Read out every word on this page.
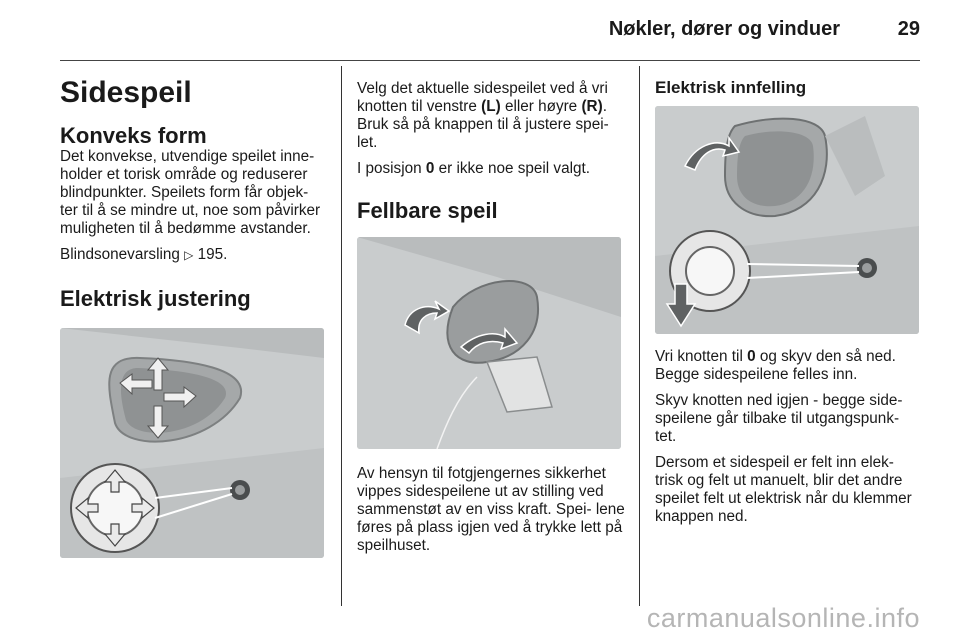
Nøkler, dører og vinduer	29
Sidespeil
Konveks form

Det konvekse, utvendige speilet inne- holder et torisk område og reduserer blindpunkter. Speilets form får objek- ter til å se mindre ut, noe som påvirker muligheten til å bedømme avstander.

Blindsonevarsling ▷ 195.

Elektrisk justering

Velg det aktuelle sidespeilet ved å vri knotten til venstre (L) eller høyre (R). Bruk så på knappen til å justere spei- let.

I posisjon 0 er ikke noe speil valgt.

Fellbare speil

Av hensyn til fotgjengernes sikkerhet vippes sidespeilene ut av stilling ved sammenstøt av en viss kraft. Spei- lene føres på plass igjen ved å trykke lett på speilhuset.

Elektrisk innfelling

Vri knotten til 0 og skyv den så ned. Begge sidespeilene felles inn.

Skyv knotten ned igjen - begge side- speilene går tilbake til utgangspunk- tet.

Dersom et sidespeil er felt inn elek- trisk og felt ut manuelt, blir det andre speilet felt ut elektrisk når du klemmer knappen ned.

carmanualsonline.info
